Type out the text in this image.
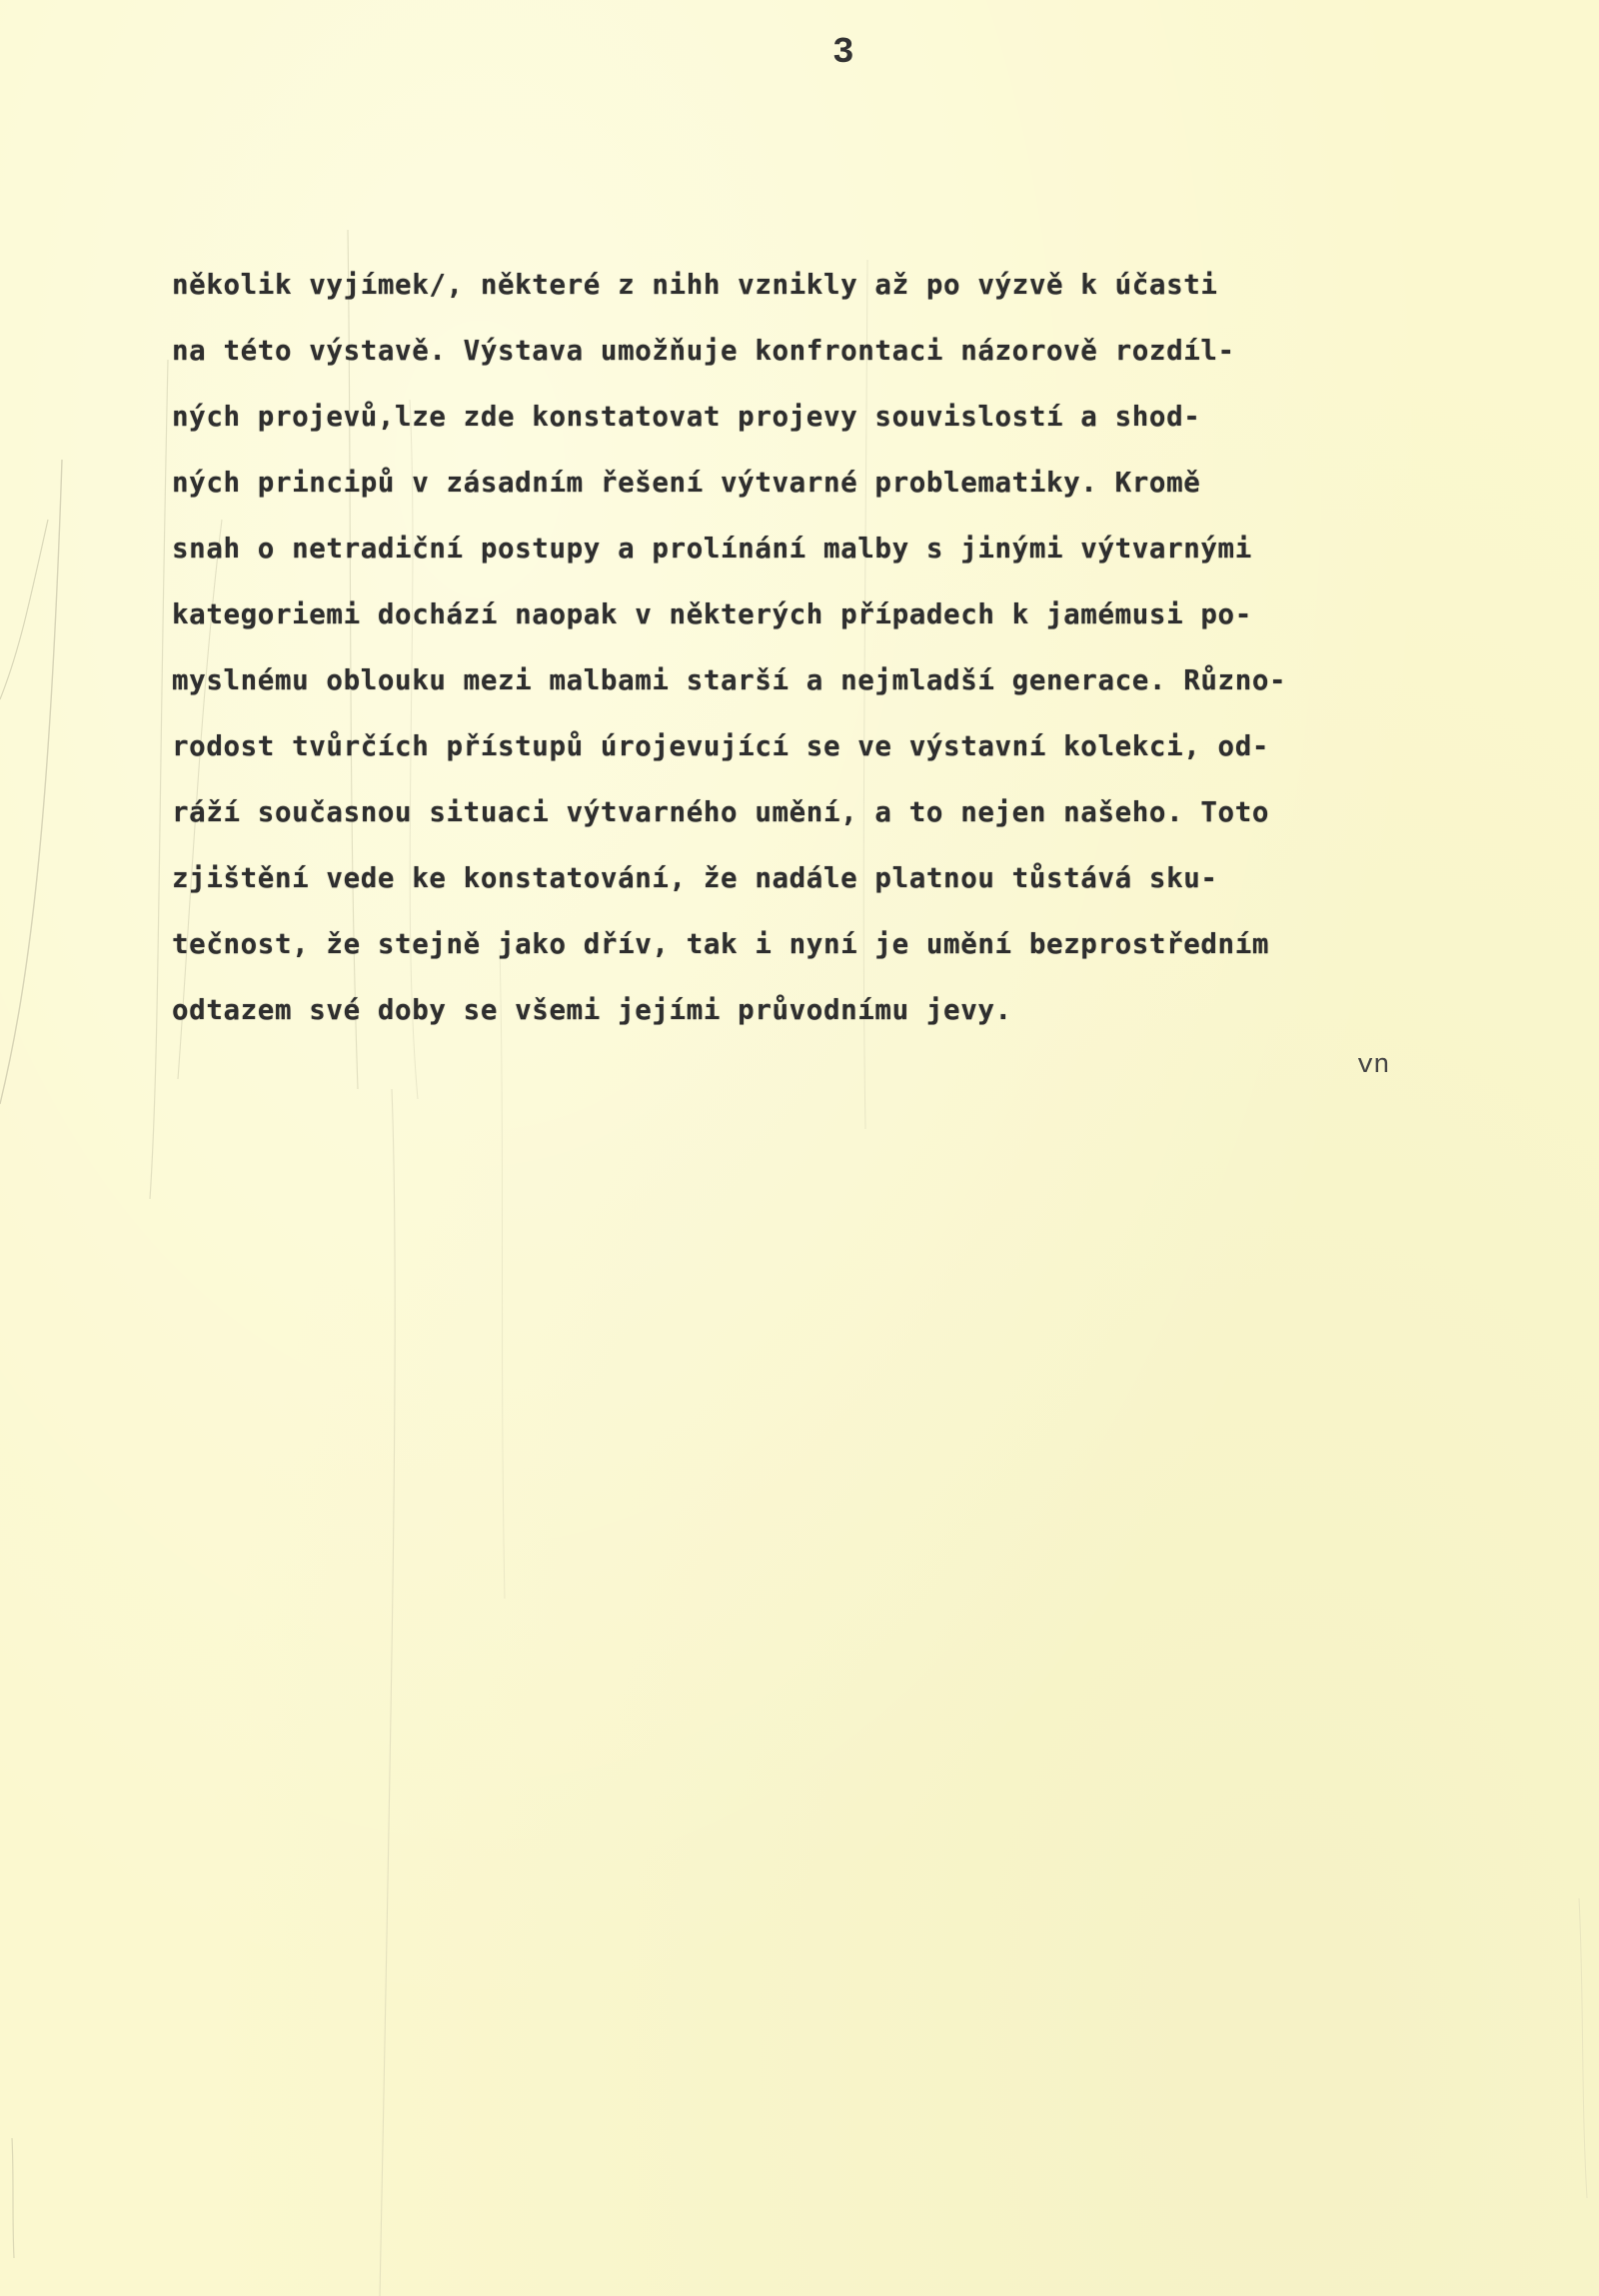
3
několik vyjímek/, některé z nihh vznikly až po výzvě k účasti
na této výstavě. Výstava umožňuje konfrontaci názorově rozdíl-
ných projevů,lze zde konstatovat projevy souvislostí a shod-
ných principů v zásadním řešení výtvarné problematiky. Kromě
snah o netradiční postupy a prolínání malby s jinými výtvarnými
kategoriemi dochází naopak v některých případech k jamémusi po-
myslnému oblouku mezi malbami starší a nejmladší generace. Různo-
rodost tvůrčích přístupů úrojevující se ve výstavní kolekci, od-
ráží současnou situaci výtvarného umění, a to nejen našeho. Toto
zjištění vede ke konstatování, že nadále platnou tůstává sku-
tečnost, že stejně jako dřív, tak i nyní je umění bezprostředním
odtazem své doby se všemi jejími průvodnímu jevy.
vn
